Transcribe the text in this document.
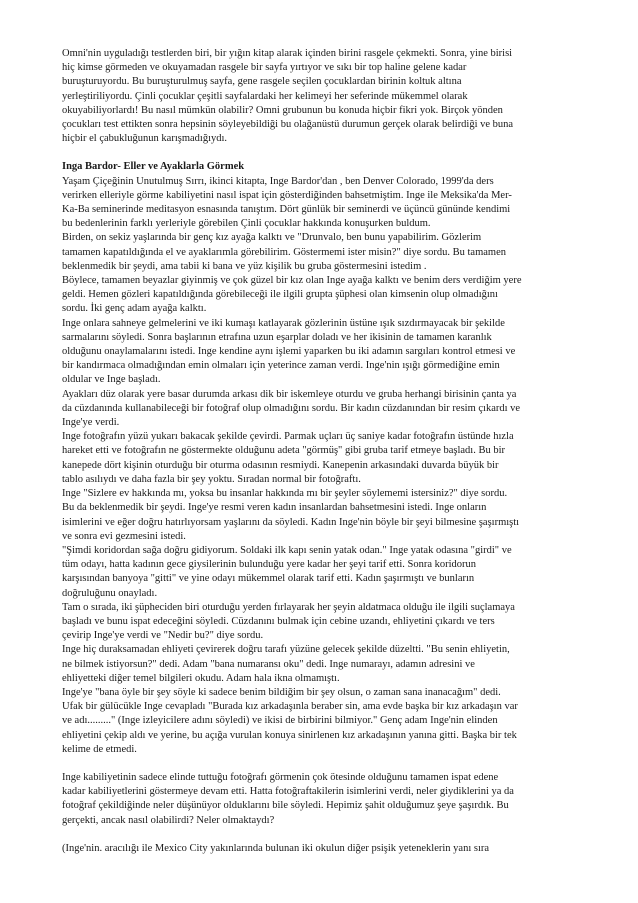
Omni'nin uyguladığı testlerden biri, bir yığın kitap alarak içinden birini rasgele çekmekti. Sonra, yine birisi
hiç kimse görmeden ve okuyamadan rasgele bir sayfa yırtıyor ve sıkı bir top haline gelene kadar
buruşturuyordu. Bu buruşturulmuş sayfa, gene rasgele seçilen çocuklardan birinin koltuk altına
yerleştiriliyordu. Çinli çocuklar çeşitli sayfalardaki her kelimeyi her seferinde mükemmel olarak
okuyabiliyorlardı! Bu nasıl mümkün olabilir? Omni grubunun bu konuda hiçbir fikri yok. Birçok yönden
çocukları test ettikten sonra hepsinin söyleyebildiği bu olağanüstü durumun gerçek olarak belirdiği ve buna
hiçbir el çabukluğunun karışmadığıydı.

Inga Bardor- Eller ve Ayaklarla Görmek

Yaşam Çiçeğinin Unutulmuş Sırrı, ikinci kitapta, Inge Bardor'dan , ben Denver Colorado, 1999'da ders
verirken elleriyle görme kabiliyetini nasıl ispat için gösterdiğinden bahsetmiştim. Inge ile Meksika'da Mer-
Ka-Ba seminerinde meditasyon esnasında tanıştım. Dört günlük bir seminerdi ve üçüncü gününde kendimi
bu bedenlerinin farklı yerleriyle görebilen Çinli çocuklar hakkında konuşurken buldum.
Birden, on sekiz yaşlarında bir genç kız ayağa kalktı ve "Drunvalo, ben bunu yapabilirim. Gözlerim
tamamen kapatıldığında el ve ayaklarımla görebilirim. Göstermemi ister misin?" diye sordu. Bu tamamen
beklenmedik bir şeydi, ama tabii ki bana ve yüz kişilik bu gruba göstermesini istedim .
Böylece, tamamen beyazlar giyinmiş ve çok güzel bir kız olan Inge ayağa kalktı ve benim ders verdiğim yere
geldi. Hemen gözleri kapatıldığında görebileceği ile ilgili grupta şüphesi olan kimsenin olup olmadığını
sordu. İki genç adam ayağa kalktı.
Inge onlara sahneye gelmelerini ve iki kumaşı katlayarak gözlerinin üstüne ışık sızdırmayacak bir şekilde
sarmalarını söyledi. Sonra başlarının etrafına uzun eşarplar doladı ve her ikisinin de tamamen karanlık
olduğunu onaylamalarını istedi. Inge kendine aynı işlemi yaparken bu iki adamın sargıları kontrol etmesi ve
bir kandırmaca olmadığından emin olmaları için yeterince zaman verdi. Inge'nin ışığı görmediğine emin
oldular ve Inge başladı.
Ayakları düz olarak yere basar durumda arkası dik bir iskemleye oturdu ve gruba herhangi birisinin çanta ya
da cüzdanında kullanabileceği bir fotoğraf olup olmadığını sordu. Bir kadın cüzdanından bir resim çıkardı ve
Inge'ye verdi.
Inge fotoğrafın yüzü yukarı bakacak şekilde çevirdi. Parmak uçları üç saniye kadar fotoğrafın üstünde hızla
hareket etti ve fotoğrafın ne göstermekte olduğunu adeta "görmüş" gibi gruba tarif etmeye başladı. Bu bir
kanepede dört kişinin oturduğu bir oturma odasının resmiydi. Kanepenin arkasındaki duvarda büyük bir
tablo asılıydı ve daha fazla bir şey yoktu. Sıradan normal bir fotoğraftı.
Inge "Sizlere ev hakkında mı, yoksa bu insanlar hakkında mı bir şeyler söylememi istersiniz?" diye sordu.
Bu da beklenmedik bir şeydi. Inge'ye resmi veren kadın insanlardan bahsetmesini istedi. Inge onların
isimlerini ve eğer doğru hatırlıyorsam yaşlarını da söyledi. Kadın Inge'nin böyle bir şeyi bilmesine şaşırmıştı
ve sonra evi gezmesini istedi.
"Şimdi koridordan sağa doğru gidiyorum. Soldaki ilk kapı senin yatak odan." Inge yatak odasına "girdi" ve
tüm odayı, hatta kadının gece giysilerinin bulunduğu yere kadar her şeyi tarif etti. Sonra koridorun
karşısından banyoya "gitti" ve yine odayı mükemmel olarak tarif etti. Kadın şaşırmıştı ve bunların
doğruluğunu onayladı.
Tam o sırada, iki şüpheciden biri oturduğu yerden fırlayarak her şeyin aldatmaca olduğu ile ilgili suçlamaya
başladı ve bunu ispat edeceğini söyledi. Cüzdanını bulmak için cebine uzandı, ehliyetini çıkardı ve ters
çevirip Inge'ye verdi ve "Nedir bu?" diye sordu.
Inge hiç duraksamadan ehliyeti çevirerek doğru tarafı yüzüne gelecek şekilde düzeltti. "Bu senin ehliyetin,
ne bilmek istiyorsun?" dedi. Adam "bana numaransı oku" dedi. Inge numarayı, adamın adresini ve
ehliyetteki diğer temel bilgileri okudu. Adam hala ikna olmamıştı.
Inge'ye "bana öyle bir şey söyle ki sadece benim bildiğim bir şey olsun, o zaman sana inanacağım" dedi.
Ufak bir gülücükle Inge cevapladı "Burada kız arkadaşınla beraber sin, ama evde başka bir kız arkadaşın var
ve adı........." (Inge izleyicilere adını söyledi) ve ikisi de birbirini bilmiyor." Genç adam Inge'nin elinden
ehliyetini çekip aldı ve yerine, bu açığa vurulan konuya sinirlenen kız arkadaşının yanına gitti. Başka bir tek
kelime de etmedi.

Inge kabiliyetinin sadece elinde tuttuğu fotoğrafı görmenin çok ötesinde olduğunu tamamen ispat edene
kadar kabiliyetlerini göstermeye devam etti. Hatta fotoğraftakilerin isimlerini verdi, neler giydiklerini ya da
fotoğraf çekildiğinde neler düşünüyor olduklarını bile söyledi. Hepimiz şahit olduğumuz şeye şaşırdık. Bu
gerçekti, ancak nasıl olabilirdi? Neler olmaktaydı?

(Inge'nin. aracılığı ile Mexico City yakınlarında bulunan iki okulun diğer psişik yeteneklerin yanı sıra
